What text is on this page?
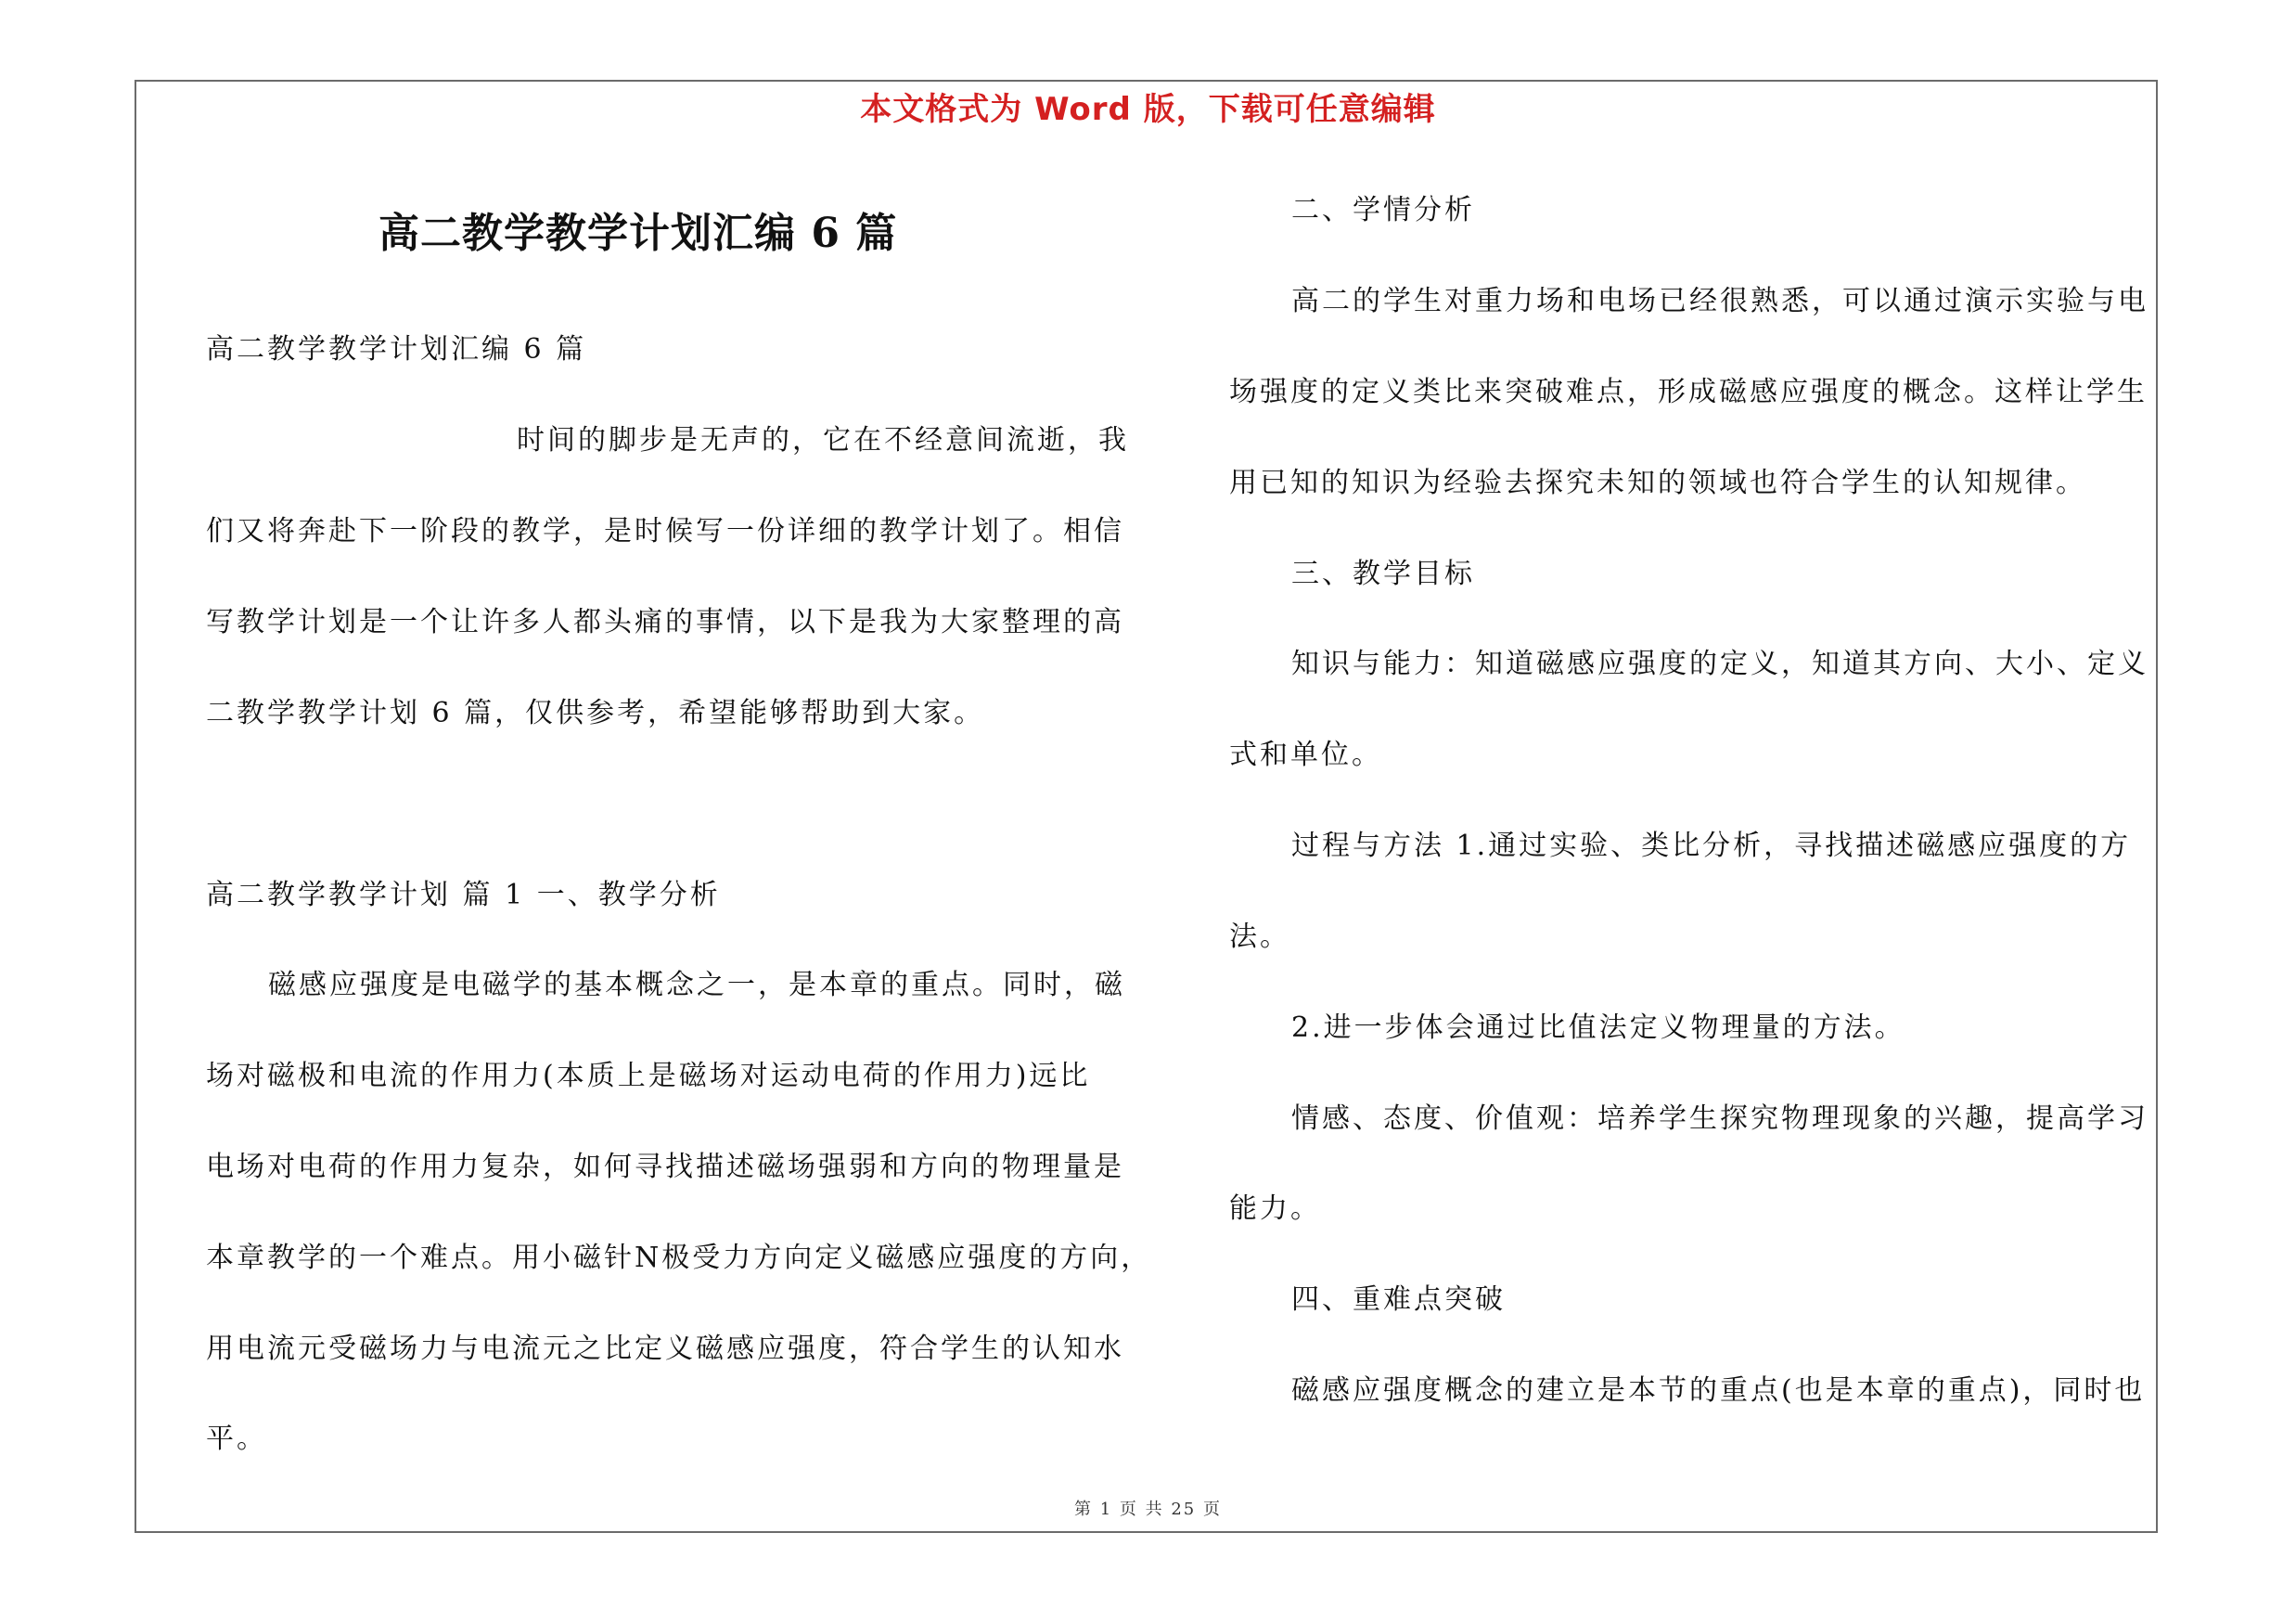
本文格式为 Word 版，下载可任意编辑
高二教学教学计划汇编 6 篇
高二教学教学计划汇编 6 篇
时间的脚步是无声的，它在不经意间流逝，我
们又将奔赴下一阶段的教学，是时候写一份详细的教学计划了。相信
写教学计划是一个让许多人都头痛的事情，以下是我为大家整理的高
二教学教学计划 6 篇，仅供参考，希望能够帮助到大家。
高二教学教学计划 篇 1 一、教学分析
磁感应强度是电磁学的基本概念之一，是本章的重点。同时，磁
场对磁极和电流的作用力(本质上是磁场对运动电荷的作用力)远比
电场对电荷的作用力复杂，如何寻找描述磁场强弱和方向的物理量是
本章教学的一个难点。用小磁针N极受力方向定义磁感应强度的方向，
用电流元受磁场力与电流元之比定义磁感应强度，符合学生的认知水
平。
二、学情分析
高二的学生对重力场和电场已经很熟悉，可以通过演示实验与电
场强度的定义类比来突破难点，形成磁感应强度的概念。这样让学生
用已知的知识为经验去探究未知的领域也符合学生的认知规律。
三、教学目标
知识与能力：知道磁感应强度的定义，知道其方向、大小、定义
式和单位。
过程与方法 1.通过实验、类比分析，寻找描述磁感应强度的方
法。
2.进一步体会通过比值法定义物理量的方法。
情感、态度、价值观：培养学生探究物理现象的兴趣，提高学习
能力。
四、重难点突破
磁感应强度概念的建立是本节的重点(也是本章的重点)，同时也
第 1 页 共 25 页
